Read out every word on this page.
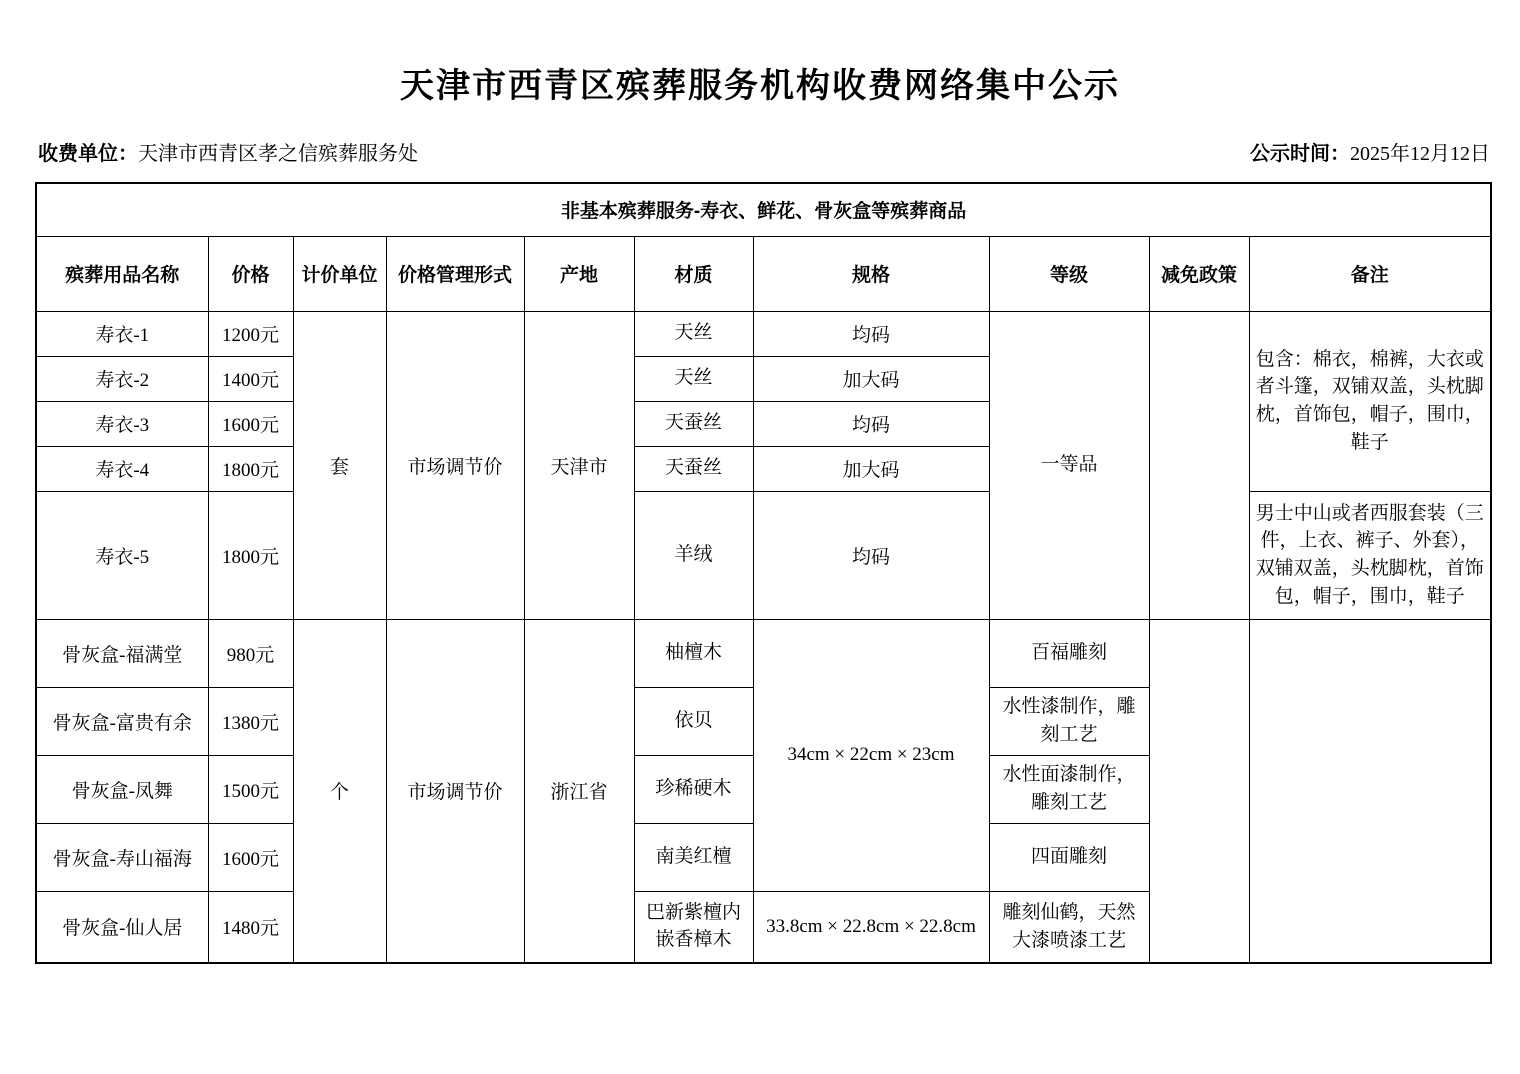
天津市西青区殡葬服务机构收费网络集中公示
收费单位：天津市西青区孝之信殡葬服务处	公示时间：2025年12月12日
非基本殡葬服务-寿衣、鲜花、骨灰盒等殡葬商品									
殡葬用品名称	价格	计价单位	价格管理形式	产地	材质	规格	等级	减免政策	备注
寿衣-1	1200元	套	市场调节价	天津市	天丝	均码	一等品		包含：棉衣，棉裤，大衣或者斗篷，双铺双盖，头枕脚枕，首饰包，帽子，围巾，鞋子
寿衣-2	1400元				天丝	加大码			
寿衣-3	1600元				天蚕丝	均码			
寿衣-4	1800元				天蚕丝	加大码			
寿衣-5	1800元				羊绒	均码			男士中山或者西服套装（三件，上衣、裤子、外套），双铺双盖，头枕脚枕，首饰包，帽子，围巾，鞋子
骨灰盒-福满堂	980元	个	市场调节价	浙江省	柚檀木	34cm × 22cm × 23cm	百福雕刻		
骨灰盒-富贵有余	1380元				依贝		水性漆制作，雕刻工艺		
骨灰盒-凤舞	1500元				珍稀硬木		水性面漆制作，雕刻工艺		
骨灰盒-寿山福海	1600元				南美红檀		四面雕刻		
骨灰盒-仙人居	1480元				巴新紫檀内嵌香樟木	33.8cm × 22.8cm × 22.8cm	雕刻仙鹤，天然大漆喷漆工艺		
